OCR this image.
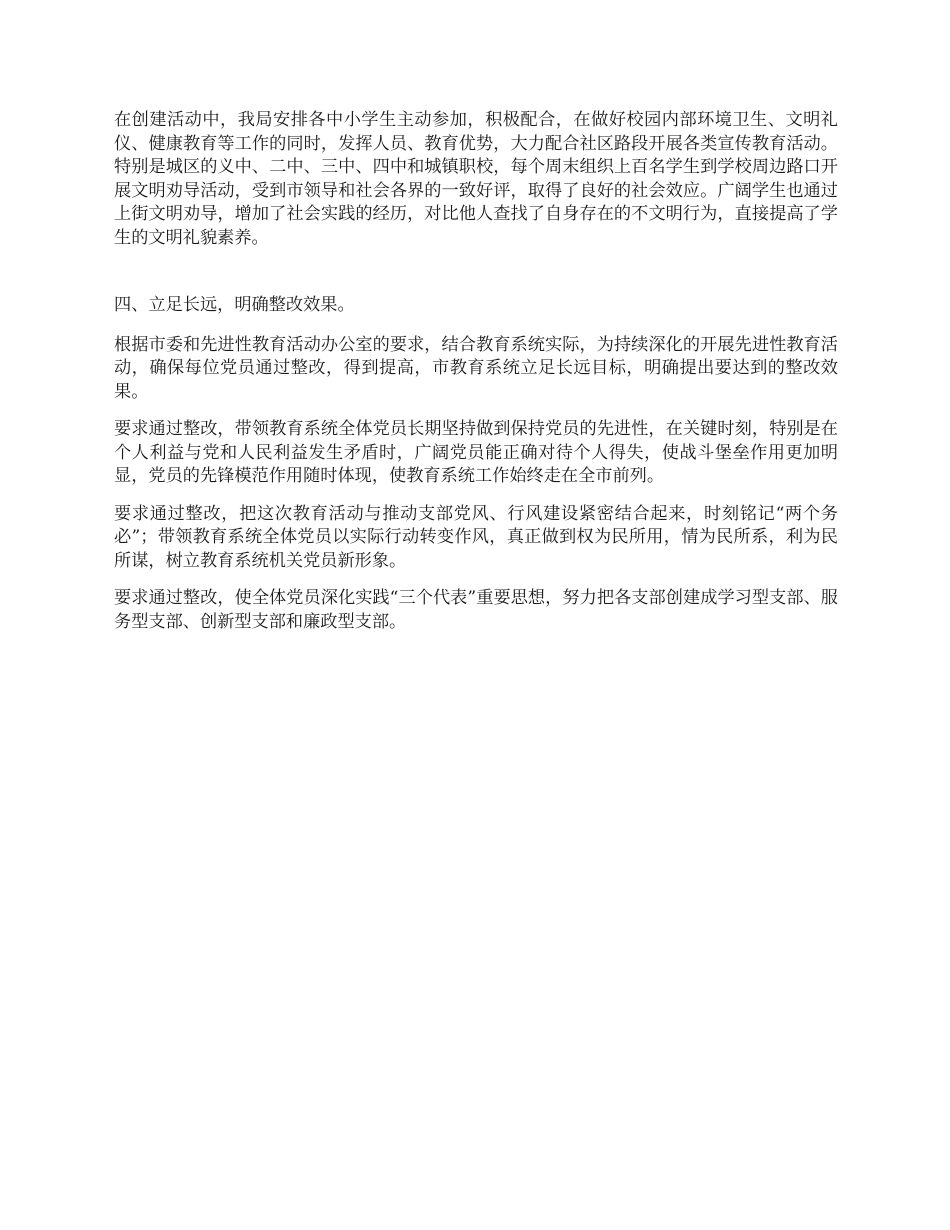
在创建活动中，我局安排各中小学生主动参加，积极配合，在做好校园内部环境卫生、文明礼仪、健康教育等工作的同时，发挥人员、教育优势，大力配合社区路段开展各类宣传教育活动。特别是城区的义中、二中、三中、四中和城镇职校，每个周末组织上百名学生到学校周边路口开展文明劝导活动，受到市领导和社会各界的一致好评，取得了良好的社会效应。广阔学生也通过上街文明劝导，增加了社会实践的经历，对比他人查找了自身存在的不文明行为，直接提高了学生的文明礼貌素养。

四、立足长远，明确整改效果。

根据市委和先进性教育活动办公室的要求，结合教育系统实际，为持续深化的开展先进性教育活动，确保每位党员通过整改，得到提高，市教育系统立足长远目标，明确提出要达到的整改效果。

要求通过整改，带领教育系统全体党员长期坚持做到保持党员的先进性，在关键时刻，特别是在个人利益与党和人民利益发生矛盾时，广阔党员能正确对待个人得失，使战斗堡垒作用更加明显，党员的先锋模范作用随时体现，使教育系统工作始终走在全市前列。

要求通过整改，把这次教育活动与推动支部党风、行风建设紧密结合起来，时刻铭记“两个务必”；带领教育系统全体党员以实际行动转变作风，真正做到权为民所用，情为民所系，利为民所谋，树立教育系统机关党员新形象。

要求通过整改，使全体党员深化实践“三个代表”重要思想，努力把各支部创建成学习型支部、服务型支部、创新型支部和廉政型支部。
